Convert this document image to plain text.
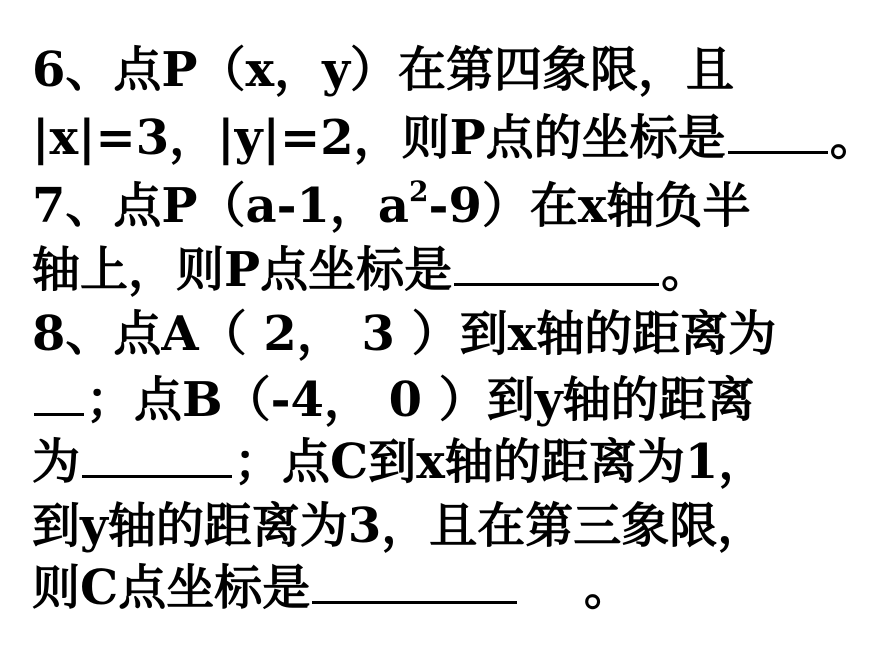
6、点P（x，y）在第四象限，且
|x|=3，|y|=2，则P点的坐标是 。
7、点P（a-1，$a^2-9$）在x轴负半
轴上，则P点坐标是	。
8、点A（ 2， 3 ）到x轴的距离为
；点B（-4， 0 ）到y轴的距离
为	；点C到x轴的距离为1，
到y轴的距离为3，且在第三象限，
则C点坐标是	　 。
